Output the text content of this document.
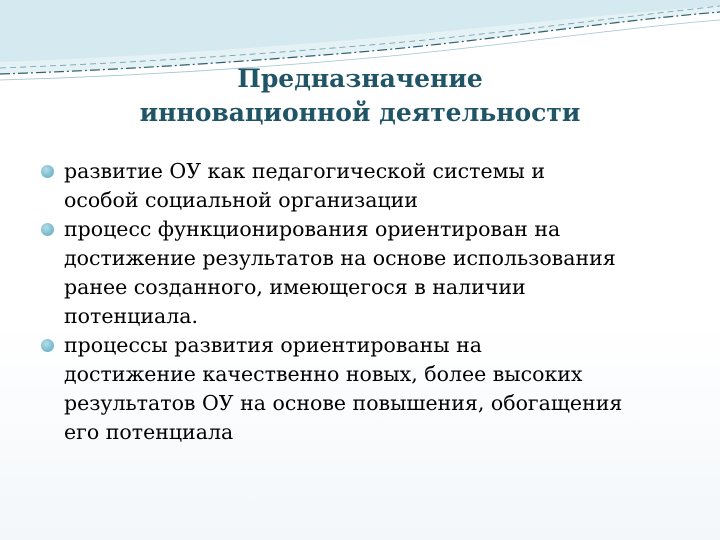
Предназначение
инновационной деятельности
развитие ОУ как педагогической системы и
особой социальной организации
процесс функционирования ориентирован на
достижение результатов на основе использования
ранее созданного, имеющегося в наличии
потенциала.
процессы развития ориентированы на
достижение качественно новых, более высоких
результатов ОУ на основе повышения, обогащения
его потенциала
